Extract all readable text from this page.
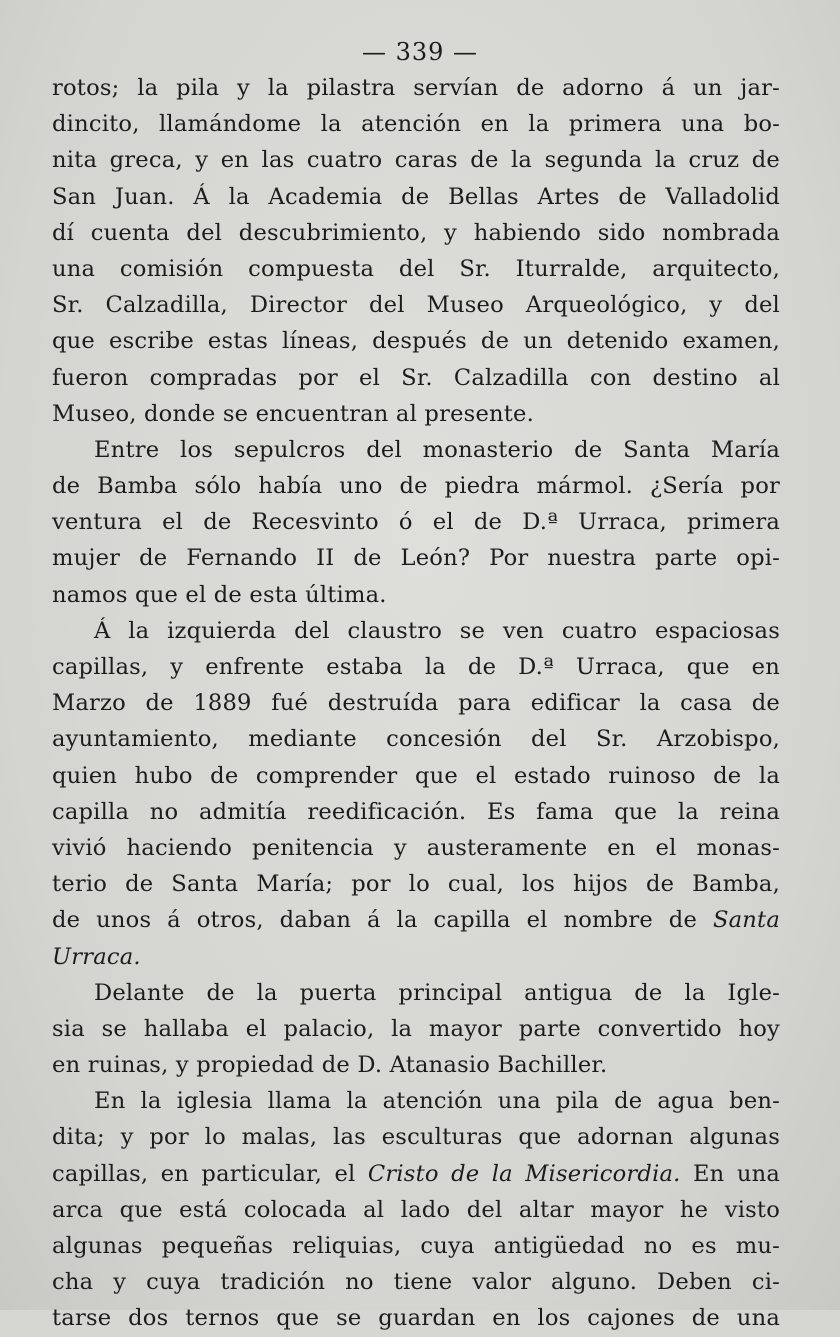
— 339 —

rotos; la pila y la pilastra servían de adorno á un jar-
dincito, llamándome la atención en la primera una bo-
nita greca, y en las cuatro caras de la segunda la cruz de
San Juan. Á la Academia de Bellas Artes de Valladolid
dí cuenta del descubrimiento, y habiendo sido nombrada
una comisión compuesta del Sr. Iturralde, arquitecto,
Sr. Calzadilla, Director del Museo Arqueológico, y del
que escribe estas líneas, después de un detenido examen,
fueron compradas por el Sr. Calzadilla con destino al
Museo, donde se encuentran al presente.

Entre los sepulcros del monasterio de Santa María
de Bamba sólo había uno de piedra mármol. ¿Sería por
ventura el de Recesvinto ó el de D.ª Urraca, primera
mujer de Fernando II de León? Por nuestra parte opi-
namos que el de esta última.

Á la izquierda del claustro se ven cuatro espaciosas
capillas, y enfrente estaba la de D.ª Urraca, que en
Marzo de 1889 fué destruída para edificar la casa de
ayuntamiento, mediante concesión del Sr. Arzobispo,
quien hubo de comprender que el estado ruinoso de la
capilla no admitía reedificación. Es fama que la reina
vivió haciendo penitencia y austeramente en el monas-
terio de Santa María; por lo cual, los hijos de Bamba,
de unos á otros, daban á la capilla el nombre de Santa
Urraca.

Delante de la puerta principal antigua de la Igle-
sia se hallaba el palacio, la mayor parte convertido hoy
en ruinas, y propiedad de D. Atanasio Bachiller.

En la iglesia llama la atención una pila de agua ben-
dita; y por lo malas, las esculturas que adornan algunas
capillas, en particular, el Cristo de la Misericordia. En una
arca que está colocada al lado del altar mayor he visto
algunas pequeñas reliquias, cuya antigüedad no es mu-
cha y cuya tradición no tiene valor alguno. Deben ci-
tarse dos ternos que se guardan en los cajones de una
